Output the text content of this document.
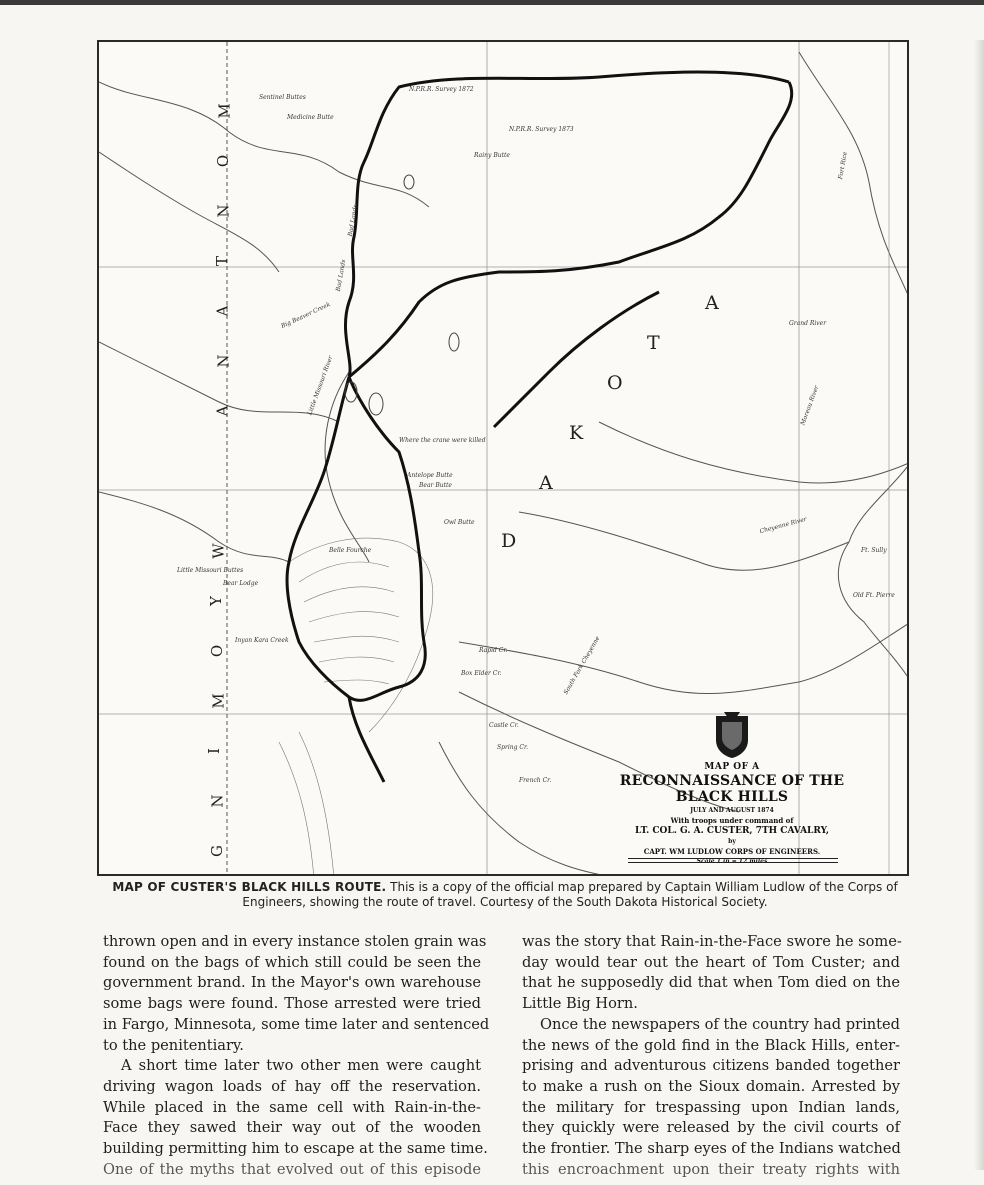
M
O
N
T
A
N
A
W
Y
O
M
I
N
G
D
A
K
O
T
A
Sentinel Buttes
Medicine Butte
N.P.R.R. Survey 1872
N.P.R.R. Survey 1873
Rainy Butte
Bad Lands
Bad Lands
Big Beaver Creek
Little Missouri River
Where the crane were killed
Antelope Butte
Owl Butte
Bear Butte
Belle Fourche
Little Missouri Buttes
Bear Lodge
Inyan Kara Creek
Rapid Cr.
Box Elder Cr.
Castle Cr.
Spring Cr.
French Cr.
South Fork Cheyenne
Cheyenne River
Grand River
Fort Rice
Old Ft. Pierre
Ft. Sully
Moreau River
MAP OF A
RECONNAISSANCE OF THE BLACK HILLS
JULY AND AUGUST 1874
With troops under command of
LT. COL. G. A. CUSTER, 7TH CAVALRY,
by
CAPT. WM LUDLOW CORPS OF ENGINEERS.
Scale 1 in = 12 miles
MAP OF CUSTER'S BLACK HILLS ROUTE. This is a copy of the official map prepared by Captain William Ludlow of the Corps of Engineers, showing the route of travel. Courtesy of the South Dakota Historical Society.

thrown open and in every instance stolen grain was
found on the bags of which still could be seen the
government brand. In the Mayor's own warehouse
some bags were found. Those arrested were tried
in Fargo, Minnesota, some time later and sentenced
to the penitentiary.

A short time later two other men were caught
driving wagon loads of hay off the reservation.
While placed in the same cell with Rain-in-the-
Face they sawed their way out of the wooden
building permitting him to escape at the same time.
One of the myths that evolved out of this episode

was the story that Rain-in-the-Face swore he some-
day would tear out the heart of Tom Custer; and
that he supposedly did that when Tom died on the
Little Big Horn.

Once the newspapers of the country had printed
the news of the gold find in the Black Hills, enter-
prising and adventurous citizens banded together
to make a rush on the Sioux domain. Arrested by
the military for trespassing upon Indian lands,
they quickly were released by the civil courts of
the frontier. The sharp eyes of the Indians watched
this encroachment upon their treaty rights with
